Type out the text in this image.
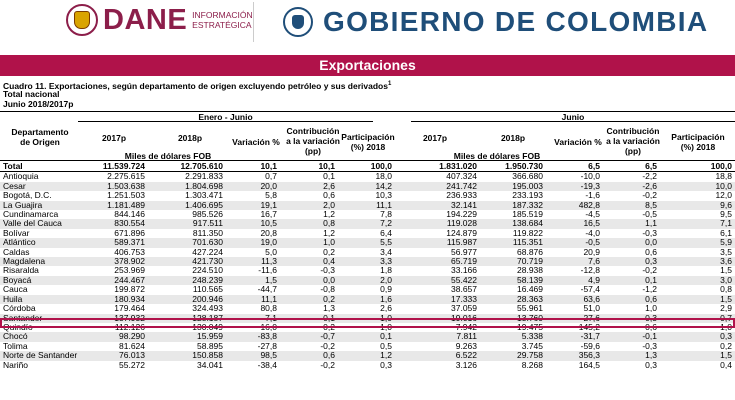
DANE INFORMACIÓN
ESTRATÉGICA	GOBIERNO DE COLOMBIA
Exportaciones
Cuadro 11. Exportaciones, según departamento de origen excluyendo petróleo y sus derivados$^1$
Total nacional
Junio 2018/2017p
Departamento
de Origen
Enero - Junio	Junio
2017p	2018p	Variación %
Contribución
a la variación
(pp)
Participación
(%) 2018
Miles de dólares FOB
2017p	2018p	Variación %
Contribución
a la variación
(pp)
Participación
(%) 2018
Miles de dólares FOB
Total	11.539.724	12.705.610	10,1	10,1	100,0	1.831.020	1.950.730	6,5	6,5	100,0
Antioquia	2.275.615	2.291.833	0,7	0,1	18,0	407.324	366.680	-10,0	-2,2	18,8
Cesar	1.503.638	1.804.698	20,0	2,6	14,2	241.742	195.003	-19,3	-2,6	10,0
Bogotá, D.C.	1.251.503	1.303.471	5,8	0,6	10,3	236.933	233.193	-1,6	-0,2	12,0
La Guajira	1.181.489	1.406.695	19,1	2,0	11,1	32.141	187.332	482,8	8,5	9,6
Cundinamarca	844.146	985.526	16,7	1,2	7,8	194.229	185.519	-4,5	-0,5	9,5
Valle del Cauca	830.554	917.511	10,5	0,8	7,2	119.028	138.684	16,5	1,1	7,1
Bolívar	671.896	811.350	20,8	1,2	6,4	124.879	119.822	-4,0	-0,3	6,1
Atlántico	589.371	701.630	19,0	1,0	5,5	115.987	115.351	-0,5	0,0	5,9
Caldas	406.753	427.224	5,0	0,2	3,4	56.977	68.876	20,9	0,6	3,5
Magdalena	378.902	421.730	11,3	0,4	3,3	65.719	70.719	7,6	0,3	3,6
Risaralda	253.969	224.510	-11,6	-0,3	1,8	33.166	28.938	-12,8	-0,2	1,5
Boyacá	244.467	248.239	1,5	0,0	2,0	55.422	58.139	4,9	0,1	3,0
Cauca	199.872	110.565	-44,7	-0,8	0,9	38.657	16.469	-57,4	-1,2	0,8
Huila	180.934	200.946	11,1	0,2	1,6	17.333	28.363	63,6	0,6	1,5
Córdoba	179.464	324.493	80,8	1,3	2,6	37.059	55.961	51,0	1,0	2,9
Santander	137.932	128.187	-7,1	-0,1	1,0	19.016	13.760	-27,6	-0,3	0,7
Quindío	112.126	130.049	16,0	0,2	1,0	7.942	19.475	145,2	0,6	1,0
Chocó	98.290	15.959	-83,8	-0,7	0,1	7.811	5.338	-31,7	-0,1	0,3
Tolima	81.624	58.895	-27,8	-0,2	0,5	9.263	3.745	-59,6	-0,3	0,2
Norte de Santander	76.013	150.858	98,5	0,6	1,2	6.522	29.758	356,3	1,3	1,5
Nariño	55.272	34.041	-38,4	-0,2	0,3	3.126	8.268	164,5	0,3	0,4
